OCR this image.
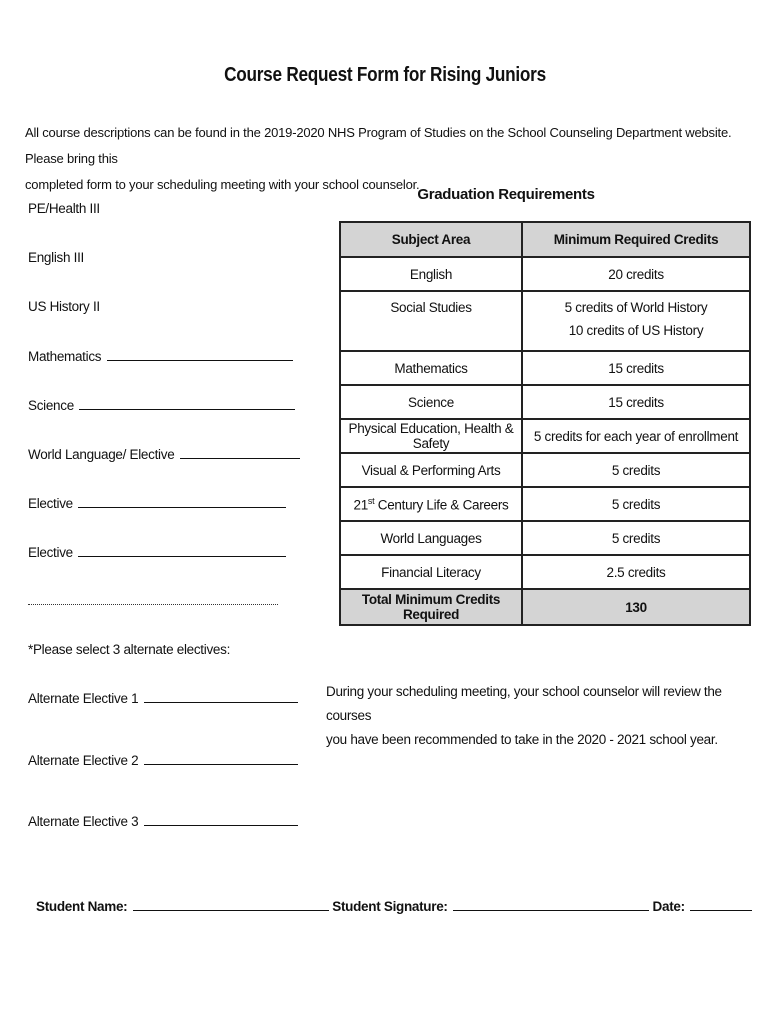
Course Request Form for Rising Juniors
All course descriptions can be found in the 2019-2020 NHS Program of Studies on the School Counseling Department website. Please bring this
completed form to your scheduling meeting with your school counselor.
PE/Health III
English III
US History II
Mathematics
Science
World Language/ Elective
Elective
Elective
*Please select 3 alternate electives:
Alternate Elective 1
Alternate Elective 2
Alternate Elective 3
Graduation Requirements
Subject Area	Minimum Required Credits
English	20 credits
Social Studies	5 credits of World History
10 credits of US History

Mathematics	15 credits
Science	15 credits
Physical Education, Health & Safety	5 credits for each year of enrollment
Visual & Performing Arts	5 credits
21st Century Life & Careers	5 credits
World Languages	5 credits
Financial Literacy	2.5 credits
Total Minimum Credits Required	130
During your scheduling meeting, your school counselor will review the courses
you have been recommended to take in the 2020 - 2021 school year.
Student Name:	Student Signature:	Date:
